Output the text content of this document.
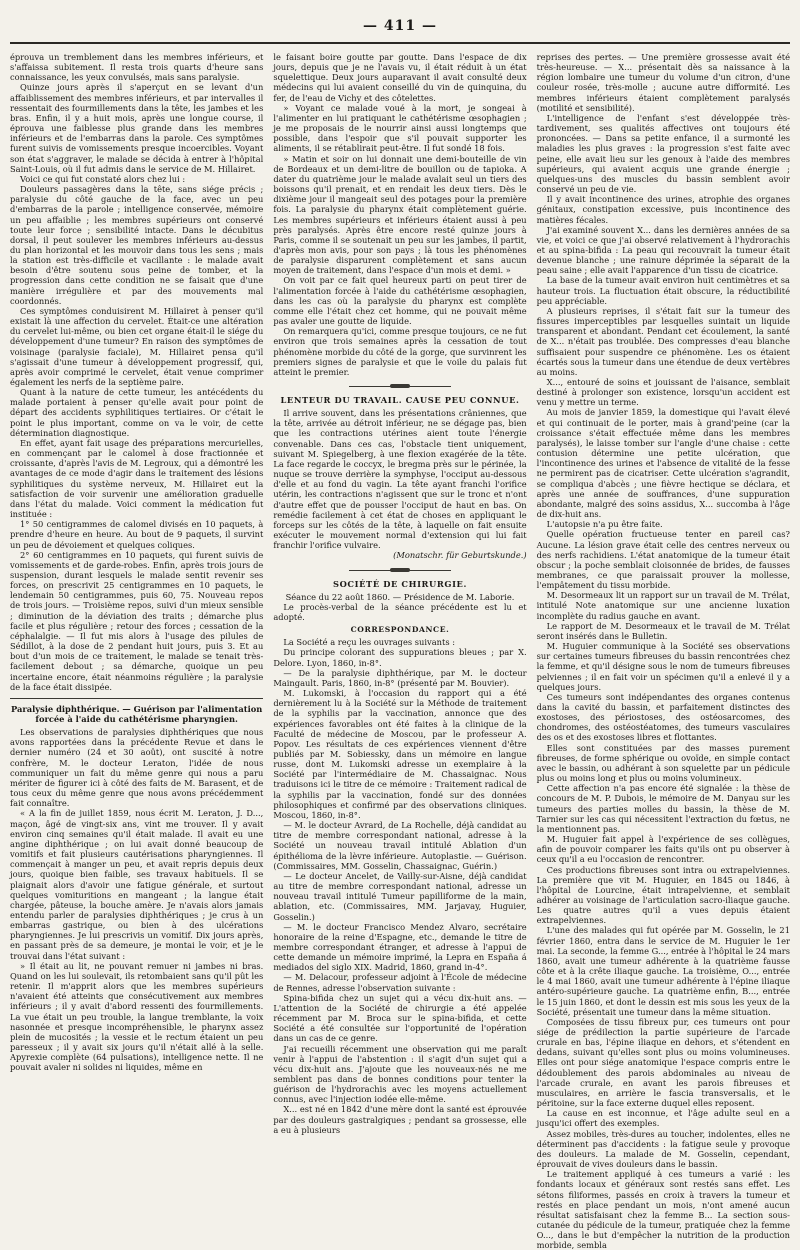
— 411 —

éprouva un tremblement dans les membres inférieurs, et s'affaissa subitement. Il resta trois quarts d'heure sans connaissance, les yeux convulsés, mais sans paralysie.

Quinze jours après il s'aperçut en se levant d'un affaiblissement des membres inférieurs, et par intervalles il ressentait des fourmillements dans la tête, les jambes et les bras. Enfin, il y a huit mois, après une longue course, il éprouva une faiblesse plus grande dans les membres inférieurs et de l'embarras dans la parole. Ces symptômes furent suivis de vomissements presque incoercibles. Voyant son état s'aggraver, le malade se décida à entrer à l'hôpital Saint-Louis, où il fut admis dans le service de M. Hillairet.

Voici ce qui fut constaté alors chez lui :

Douleurs passagères dans la tête, sans siége précis ; paralysie du côté gauche de la face, avec un peu d'embarras de la parole ; intelligence conservée, mémoire un peu affaiblie ; les membres supérieurs ont conservé toute leur force ; sensibilité intacte. Dans le décubitus dorsal, il peut soulever les membres inférieurs au-dessus du plan horizontal et les mouvoir dans tous les sens ; mais la station est très-difficile et vacillante : le malade avait besoin d'être soutenu sous peine de tomber, et la progression dans cette condition ne se faisait que d'une manière irrégulière et par des mouvements mal coordonnés.

Ces symptômes conduisirent M. Hillairet à penser qu'il existait là une affection du cervelet. Était-ce une altération du cervelet lui-même, ou bien cet organe était-il le siége du développement d'une tumeur? En raison des symptômes de voisinage (paralysie faciale), M. Hillairet pensa qu'il s'agissait d'une tumeur à développement progressif, qui, après avoir comprimé le cervelet, était venue comprimer également les nerfs de la septième paire.

Quant à la nature de cette tumeur, les antécédents du malade portaient à penser qu'elle avait pour point de départ des accidents syphilitiques tertiaires. Or c'était le point le plus important, comme on va le voir, de cette détermination diagnostique.

En effet, ayant fait usage des préparations mercurielles, en commençant par le calomel à dose fractionnée et croissante, d'après l'avis de M. Legroux, qui a démontré les avantages de ce mode d'agir dans le traitement des lésions syphilitiques du système nerveux, M. Hillairet eut la satisfaction de voir survenir une amélioration graduelle dans l'état du malade. Voici comment la médication fut instituée :

1° 50 centigrammes de calomel divisés en 10 paquets, à prendre d'heure en heure. Au bout de 9 paquets, il survint un peu de dévoiement et quelques coliques.

2° 60 centigrammes en 10 paquets, qui furent suivis de vomissements et de garde-robes. Enfin, après trois jours de suspension, durant lesquels le malade sentit revenir ses forces, on prescrivit 25 centigrammes en 10 paquets, le lendemain 50 centigrammes, puis 60, 75. Nouveau repos de trois jours. — Troisième repos, suivi d'un mieux sensible ; diminution de la déviation des traits ; démarche plus facile et plus régulière ; retour des forces ; cessation de la céphalalgie. — Il fut mis alors à l'usage des pilules de Sédillot, à la dose de 2 pendant huit jours, puis 3. Et au bout d'un mois de ce traitement, le malade se tenait très-facilement debout ; sa démarche, quoique un peu incertaine encore, était néanmoins régulière ; la paralysie de la face était dissipée.

Paralysie diphthérique. — Guérison par l'alimentation forcée à l'aide du cathétérisme pharyngien.

Les observations de paralysies diphthériques que nous avons rapportées dans la précédente Revue et dans le dernier numéro (24 et 30 août), ont suscité à notre confrère, M. le docteur Leraton, l'idée de nous communiquer un fait du même genre qui nous a paru mériter de figurer ici à côté des faits de M. Barasent, et de tous ceux du même genre que nous avons précédemment fait connaître.

« A la fin de juillet 1859, nous écrit M. Leraton, J. D..., maçon, âgé de vingt-six ans, vint me trouver. Il y avait environ cinq semaines qu'il était malade. Il avait eu une angine diphthérique ; on lui avait donné beaucoup de vomitifs et fait plusieurs cautérisations pharyngiennes. Il commençait à manger un peu, et avait repris depuis deux jours, quoique bien faible, ses travaux habituels. Il se plaignait alors d'avoir une fatigue générale, et surtout quelques vomituritions en mangeant ; la langue était chargée, pâteuse, la bouche amère. Je n'avais alors jamais entendu parler de paralysies diphthériques ; je crus à un embarras gastrique, ou bien à des ulcérations pharyngiennes. Je lui prescrivis un vomitif. Dix jours après, en passant près de sa demeure, je montai le voir, et je le trouvai dans l'état suivant :

» Il était au lit, ne pouvant remuer ni jambes ni bras. Quand on les lui soulevait, ils retombaient sans qu'il pût les retenir. Il m'apprit alors que les membres supérieurs n'avaient été atteints que consécutivement aux membres inférieurs ; il y avait d'abord ressenti des fourmillements. La vue était un peu trouble, la langue tremblante, la voix nasonnée et presque incompréhensible, le pharynx assez plein de mucosités ; la vessie et le rectum étaient un peu paresseux ; il y avait six jours qu'il n'était allé à la selle. Apyrexie complète (64 pulsations), intelligence nette. Il ne pouvait avaler ni solides ni liquides, même en

le faisant boire goutte par goutte. Dans l'espace de dix jours, depuis que je ne l'avais vu, il était réduit à un état squelettique. Deux jours auparavant il avait consulté deux médecins qui lui avaient conseillé du vin de quinquina, du fer, de l'eau de Vichy et des côtelettes.

» Voyant ce malade voué à la mort, je songeai à l'alimenter en lui pratiquant le cathétérisme œsophagien ; je me proposais de le nourrir ainsi aussi longtemps que possible, dans l'espoir que s'il pouvait supporter les aliments, il se rétablirait peut-être. Il fut sondé 18 fois.

» Matin et soir on lui donnait une demi-bouteille de vin de Bordeaux et un demi-litre de bouillon ou de tapioka. A dater du quatrième jour le malade avalait seul un tiers des boissons qu'il prenait, et en rendait les deux tiers. Dès le dixième jour il mangeait seul des potages pour la première fois. La paralysie du pharynx était complètement guérie. Les membres supérieurs et inférieurs étaient aussi à peu près paralysés. Après être encore resté quinze jours à Paris, comme il se soutenait un peu sur les jambes, il partit, d'après mon avis, pour son pays ; là tous les phénomènes de paralysie disparurent complètement et sans aucun moyen de traitement, dans l'espace d'un mois et demi. »

On voit par ce fait quel heureux parti on peut tirer de l'alimentation forcée à l'aide du cathétérisme œsophagien, dans les cas où la paralysie du pharynx est complète comme elle l'était chez cet homme, qui ne pouvait même pas avaler une goutte de liquide.

On remarquera qu'ici, comme presque toujours, ce ne fut environ que trois semaines après la cessation de tout phénomène morbide du côté de la gorge, que survinrent les premiers signes de paralysie et que le voile du palais fut atteint le premier.

LENTEUR DU TRAVAIL. CAUSE PEU CONNUE.

Il arrive souvent, dans les présentations crâniennes, que la tête, arrivée au détroit inférieur, ne se dégage pas, bien que les contractions utérines aient toute l'énergie convenable. Dans ces cas, l'obstacle tient uniquement, suivant M. Spiegelberg, à une flexion exagérée de la tête. La face regarde le coccyx, le bregma près sur le périnée, la nuque se trouve derrière la symphyse, l'occiput au-dessous d'elle et au fond du vagin. La tête ayant franchi l'orifice utérin, les contractions n'agissent que sur le tronc et n'ont d'autre effet que de pousser l'occiput de haut en bas. On remédie facilement à cet état de choses en appliquant le forceps sur les côtés de la tête, à laquelle on fait ensuite exécuter le mouvement normal d'extension qui lui fait franchir l'orifice vulvaire.

(Monatschr. für Geburtskunde.)

SOCIÉTÉ DE CHIRURGIE.

Séance du 22 août 1860. — Présidence de M. Laborie.

Le procès-verbal de la séance précédente est lu et adopté.

CORRESPONDANCE.

La Société a reçu les ouvrages suivants :

Du principe colorant des suppurations bleues ; par X. Delore. Lyon, 1860, in-8°.

— De la paralysie diphthérique, par M. le docteur Maingault. Paris, 1860, in-8° (présenté par M. Bouvier).

M. Lukomski, à l'occasion du rapport qui a été dernièrement lu à la Société sur la Méthode de traitement de la syphilis par la vaccination, annonce que des expériences favorables ont été faites à la clinique de la Faculté de médecine de Moscou, par le professeur A. Popov. Les résultats de ces expériences viennent d'être publiés par M. Sobiessky, dans un mémoire en langue russe, dont M. Lukomski adresse un exemplaire à la Société par l'intermédiaire de M. Chassaignac. Nous traduisons ici le titre de ce mémoire : Traitement radical de la syphilis par la vaccination, fondé sur des données philosophiques et confirmé par des observations cliniques. Moscou, 1860, in-8°.

— M. le docteur Avrard, de La Rochelle, déjà candidat au titre de membre correspondant national, adresse à la Société un nouveau travail intitulé Ablation d'un épithélioma de la lèvre inférieure. Autoplastie. — Guérison. (Commissaires, MM. Gosselin, Chassaignac, Guérin.)

— Le docteur Ancelet, de Vailly-sur-Aisne, déjà candidat au titre de membre correspondant national, adresse un nouveau travail intitulé Tumeur papilliforme de la main, ablation, etc. (Commissaires, MM. Jarjavay, Huguier, Gosselin.)

— M. le docteur Francisco Mendez Alvaro, secrétaire honoraire de la reine d'Espagne, etc., demande le titre de membre correspondant étranger, et adresse à l'appui de cette demande un mémoire imprimé, la Lepra en España á mediados del siglo XIX. Madrid, 1860, grand in-4°.

— M. Delacour, professeur adjoint à l'École de médecine de Rennes, adresse l'observation suivante :

Spina-bifida chez un sujet qui a vécu dix-huit ans. — L'attention de la Société de chirurgie a été appelée récemment par M. Broca sur le spina-bifida, et cette Société a été consultée sur l'opportunité de l'opération dans un cas de ce genre.

J'ai recueilli récemment une observation qui me paraît venir à l'appui de l'abstention : il s'agit d'un sujet qui a vécu dix-huit ans. J'ajoute que les nouveaux-nés ne me semblent pas dans de bonnes conditions pour tenter la guérison de l'hydrorachis avec les moyens actuellement connus, avec l'injection iodée elle-même.

X... est né en 1842 d'une mère dont la santé est éprouvée par des douleurs gastralgiques ; pendant sa grossesse, elle a eu à plusieurs

reprises des pertes. — Une première grossesse avait été très-heureuse. — X... présentait dès sa naissance à la région lombaire une tumeur du volume d'un citron, d'une couleur rosée, très-molle ; aucune autre difformité. Les membres inférieurs étaient complètement paralysés (motilité et sensibilité).

L'intelligence de l'enfant s'est développée très-tardivement, ses qualités affectives ont toujours été prononcées. — Dans sa petite enfance, il a surmonté les maladies les plus graves : la progression s'est faite avec peine, elle avait lieu sur les genoux à l'aide des membres supérieurs, qui avaient acquis une grande énergie ; quelques-uns des muscles du bassin semblent avoir conservé un peu de vie.

Il y avait incontinence des urines, atrophie des organes génitaux, constipation excessive, puis incontinence des matières fécales.

J'ai examiné souvent X... dans les dernières années de sa vie, et voici ce que j'ai observé relativement à l'hydrorachis et au spina-bifida : La peau qui recouvrait la tumeur était devenue blanche ; une rainure déprimée la séparait de la peau saine ; elle avait l'apparence d'un tissu de cicatrice.

La base de la tumeur avait environ huit centimètres et sa hauteur trois. La fluctuation était obscure, la réductibilité peu appréciable.

A plusieurs reprises, il s'était fait sur la tumeur des fissures imperceptibles par lesquelles suintait un liquide transparent et abondant. Pendant cet écoulement, la santé de X... n'était pas troublée. Des compresses d'eau blanche suffisaient pour suspendre ce phénomène. Les os étaient écartés sous la tumeur dans une étendue de deux vertèbres au moins.

X..., entouré de soins et jouissant de l'aisance, semblait destiné à prolonger son existence, lorsqu'un accident est venu y mettre un terme.

Au mois de janvier 1859, la domestique qui l'avait élevé et qui continuait de le porter, mais à grand'peine (car la croissance s'était effectuée même dans les membres paralysés), le laisse tomber sur l'angle d'une chaise : cette contusion détermine une petite ulcération, que l'incontinence des urines et l'absence de vitalité de la fesse ne permirent pas de cicatriser. Cette ulcération s'agrandit, se compliqua d'abcès ; une fièvre hectique se déclara, et après une année de souffrances, d'une suppuration abondante, malgré des soins assidus, X... succomba à l'âge de dix-huit ans.

L'autopsie n'a pu être faite.

Quelle opération fructueuse tenter en pareil cas? Aucune. La lésion grave était celle des centres nerveux ou des nerfs rachidiens. L'état anatomique de la tumeur était obscur ; la poche semblait cloisonnée de brides, de fausses membranes, ce que paraissait prouver la mollesse, l'empâtement du tissu morbide.

M. Desormeaux lit un rapport sur un travail de M. Trélat, intitulé Note anatomique sur une ancienne luxation incomplète du radius gauche en avant.

Le rapport de M. Desormeaux et le travail de M. Trélat seront insérés dans le Bulletin.

M. Huguier communique à la Société ses observations sur certaines tumeurs fibreuses du bassin rencontrées chez la femme, et qu'il désigne sous le nom de tumeurs fibreuses pelviennes ; il en fait voir un spécimen qu'il a enlevé il y a quelques jours.

Ces tumeurs sont indépendantes des organes contenus dans la cavité du bassin, et parfaitement distinctes des exostoses, des périostoses, des ostéosarcomes, des chondromes, des ostéostéatomes, des tumeurs vasculaires des os et des exostoses libres et flottantes.

Elles sont constituées par des masses purement fibreuses, de forme sphérique ou ovoïde, en simple contact avec le bassin, ou adhérant à son squelette par un pédicule plus ou moins long et plus ou moins volumineux.

Cette affection n'a pas encore été signalée : la thèse de concours de M. P. Dubois, le mémoire de M. Danyau sur les tumeurs des parties molles du bassin, la thèse de M. Tarnier sur les cas qui nécessitent l'extraction du fœtus, ne la mentionnent pas.

M. Huguier fait appel à l'expérience de ses collègues, afin de pouvoir comparer les faits qu'ils ont pu observer à ceux qu'il a eu l'occasion de rencontrer.

Ces productions fibreuses sont intra ou extrapelviennes. La première que vit M. Huguier, en 1845 ou 1846, à l'hôpital de Lourcine, était intrapelvienne, et semblait adhérer au voisinage de l'articulation sacro-iliaque gauche. Les quatre autres qu'il a vues depuis étaient extrapelviennes.

L'une des malades qui fut opérée par M. Gosselin, le 21 février 1860, entra dans le service de M. Huguier le 1er mai. La seconde, la femme G..., entrée à l'hôpital le 24 mars 1860, avait une tumeur adhérente à la quatrième fausse côte et à la crête iliaque gauche. La troisième, O..., entrée le 4 mai 1860, avait une tumeur adhérente à l'épine iliaque antéro-supérieure gauche. La quatrième enfin, B..., entrée le 15 juin 1860, et dont le dessin est mis sous les yeux de la Société, présentait une tumeur dans la même situation.

Composées de tissu fibreux pur, ces tumeurs ont pour siége de prédilection la partie supérieure de l'arcade crurale en bas, l'épine iliaque en dehors, et s'étendent en dedans, suivant qu'elles sont plus ou moins volumineuses. Elles ont pour siége anatomique l'espace compris entre le dédoublement des parois abdominales au niveau de l'arcade crurale, en avant les parois fibreuses et musculaires, en arrière le fascia transversalis, et le péritoine, sur la face externe duquel elles reposent.

La cause en est inconnue, et l'âge adulte seul en a jusqu'ici offert des exemples.

Assez mobiles, très-dures au toucher, indolentes, elles ne déterminent pas d'accidents : la fatigue seule y provoque des douleurs. La malade de M. Gosselin, cependant, éprouvait de vives douleurs dans le bassin.

Le traitement appliqué à ces tumeurs a varié : les fondants locaux et généraux sont restés sans effet. Les sétons filiformes, passés en croix à travers la tumeur et restés en place pendant un mois, n'ont amené aucun résultat satisfaisant chez la femme B... La section sous-cutanée du pédicule de la tumeur, pratiquée chez la femme O..., dans le but d'empêcher la nutrition de la production morbide, sembla
